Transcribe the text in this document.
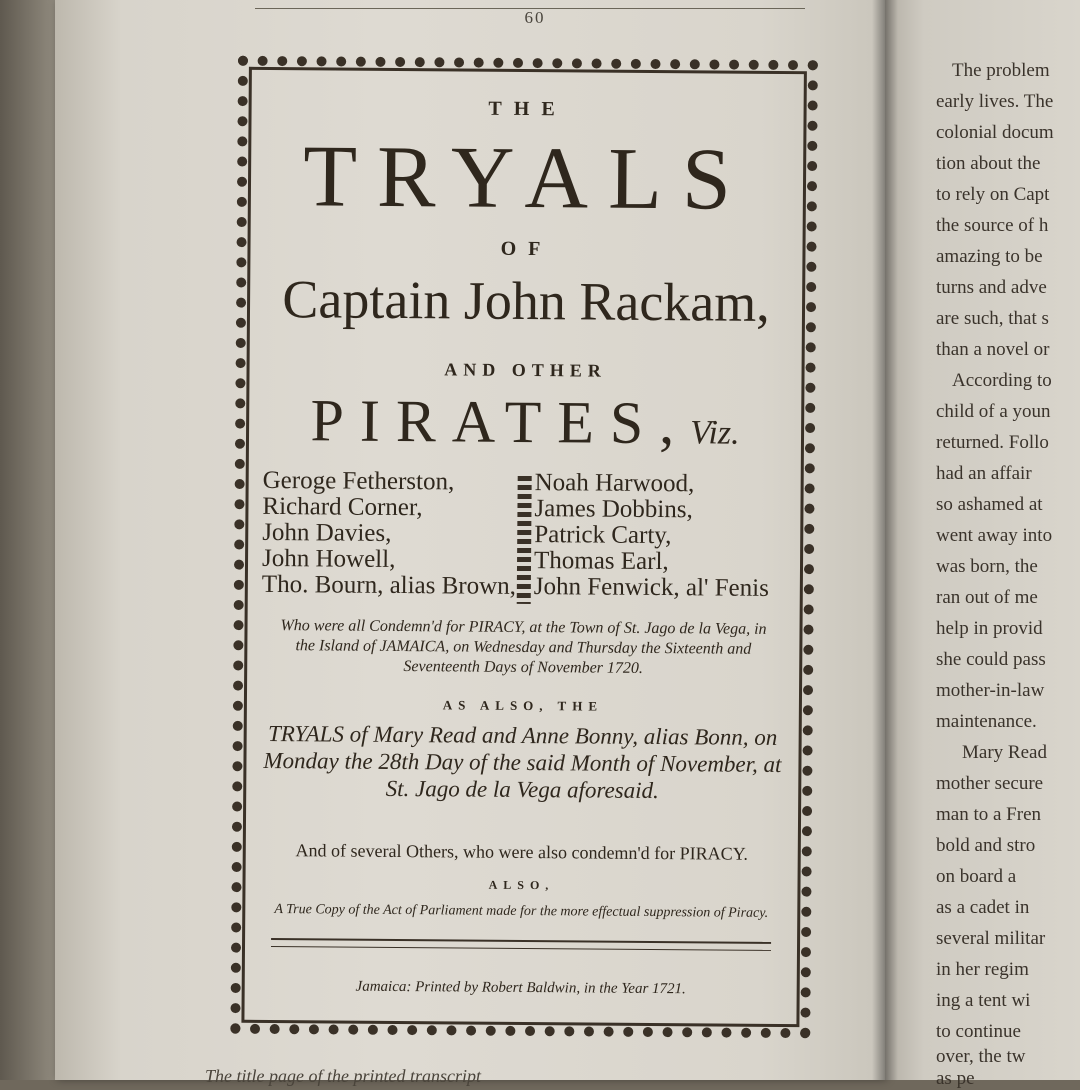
60
THE
TRYALS
OF
Captain John Rackam,
AND OTHER
PIRATES,Viz.
Geroge Fetherston,
Richard Corner,
John Davies,
John Howell,
Tho. Bourn, alias Brown,
Noah Harwood,
James Dobbins,
Patrick Carty,
Thomas Earl,
John Fenwick, al' Fenis
Who were all Condemn'd for PIRACY, at the Town of St. Jago de la Vega, in the Island of JAMAICA, on Wednesday and Thursday the Sixteenth and Seventeenth Days of November 1720.
AS ALSO, THE
TRYALS of Mary Read and Anne Bonny, alias Bonn, on Monday the 28th Day of the said Month of November, at St. Jago de la Vega aforesaid.
And of several Others, who were also condemn'd for PIRACY.
ALSO,
A True Copy of the Act of Parliament made for the more effectual suppression of Piracy.
Jamaica: Printed by Robert Baldwin, in the Year 1721.
The problem
early lives. The
colonial docum
tion about the
to rely on Capt
the source of h
amazing to be
turns and adve
are such, that s
than a novel or
According to
child of a youn
returned. Follo
had an affair
so ashamed at
went away into
was born, the
ran out of me
help in provid
she could pass
mother-in-law
maintenance.
Mary Read
mother secure
man to a Fren
bold and stro
on board a
as a cadet in
several militar
in her regim
ing a tent wi
to continue
over, the tw
as pe
The title page of the printed transcript
